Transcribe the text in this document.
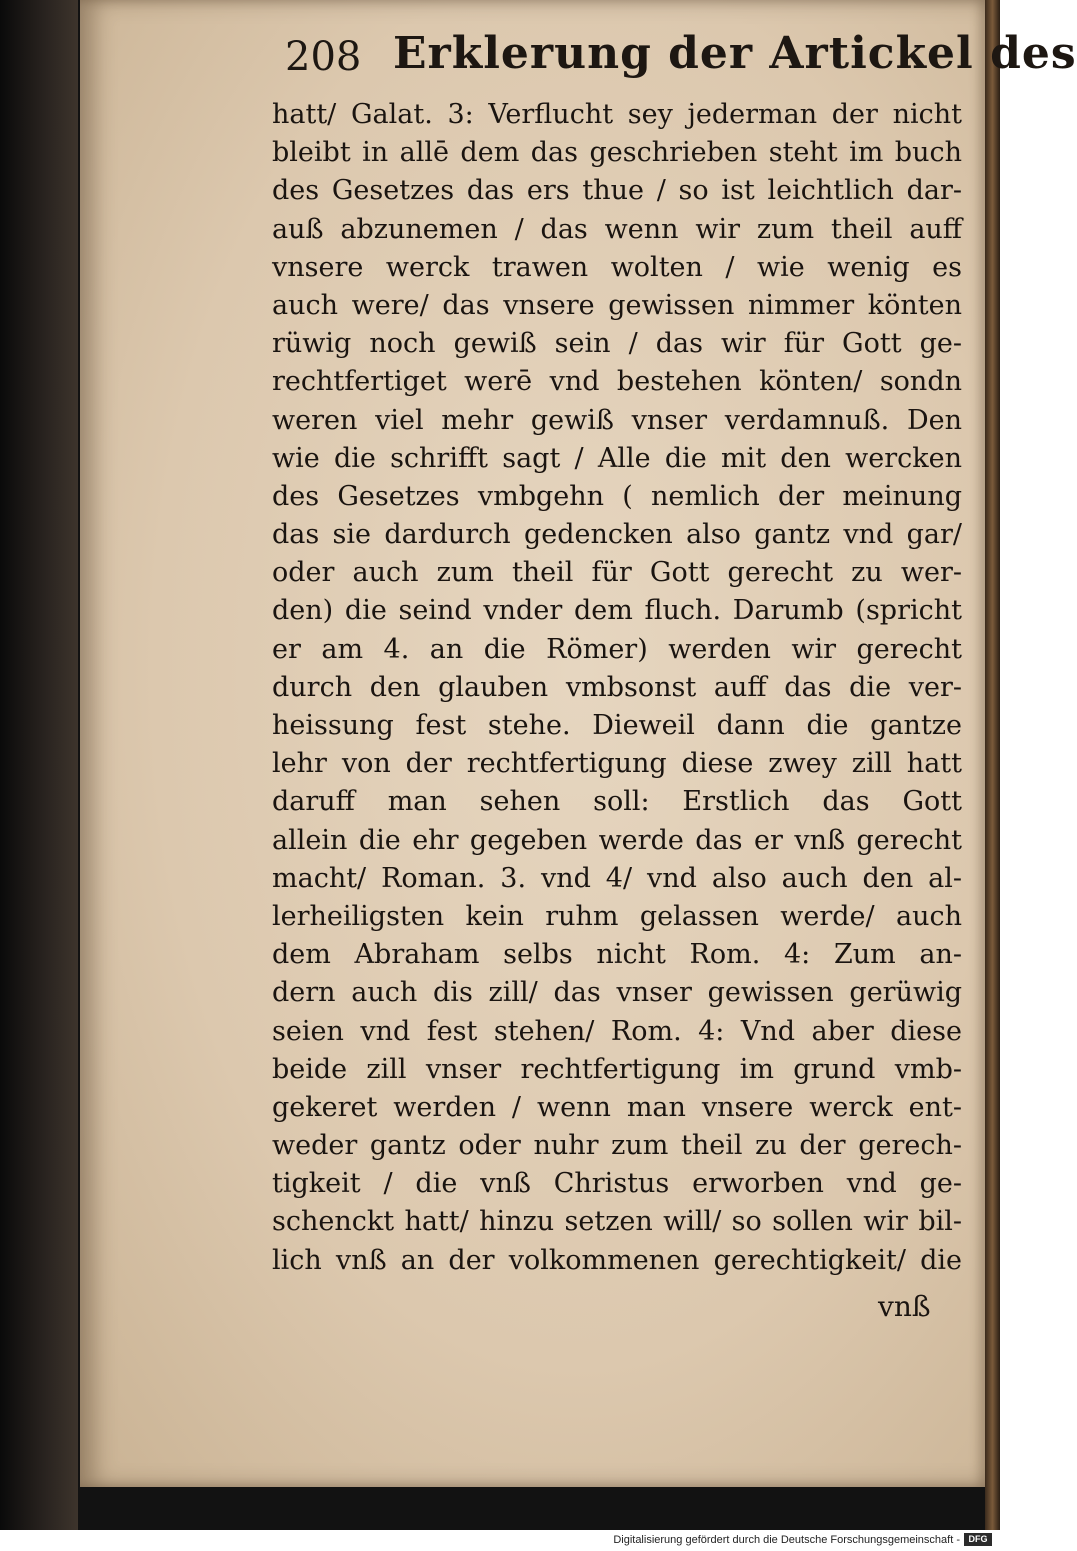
208 Erklerung der Artickel des
hatt/ Galat. 3: Verflucht sey jederman der nicht
bleibt in allē dem das geschrieben steht im buch
des Gesetzes das ers thue / so ist leichtlich dar-
auß abzunemen / das wenn wir zum theil auff
vnsere werck trawen wolten / wie wenig es
auch were/ das vnsere gewissen nimmer könten
rüwig noch gewiß sein / das wir für Gott ge-
rechtfertiget werē vnd bestehen könten/ sondn
weren viel mehr gewiß vnser verdamnuß. Den
wie die schrifft sagt / Alle die mit den wercken
des Gesetzes vmbgehn ( nemlich der meinung
das sie dardurch gedencken also gantz vnd gar/
oder auch zum theil für Gott gerecht zu wer-
den) die seind vnder dem fluch. Darumb (spricht
er am 4. an die Römer) werden wir gerecht
durch den glauben vmbsonst auff das die ver-
heissung fest stehe. Dieweil dann die gantze
lehr von der rechtfertigung diese zwey zill hatt
daruff man sehen soll: Erstlich das Gott
allein die ehr gegeben werde das er vnß gerecht
macht/ Roman. 3. vnd 4/ vnd also auch den al-
lerheiligsten kein ruhm gelassen werde/ auch
dem Abraham selbs nicht Rom. 4: Zum an-
dern auch dis zill/ das vnser gewissen gerüwig
seien vnd fest stehen/ Rom. 4: Vnd aber diese
beide zill vnser rechtfertigung im grund vmb-
gekeret werden / wenn man vnsere werck ent-
weder gantz oder nuhr zum theil zu der gerech-
tigkeit / die vnß Christus erworben vnd ge-
schenckt hatt/ hinzu setzen will/ so sollen wir bil-
lich vnß an der volkommenen gerechtigkeit/ die
vnß
Digitalisierung gefördert durch die Deutsche Forschungsgemeinschaft - DFG
